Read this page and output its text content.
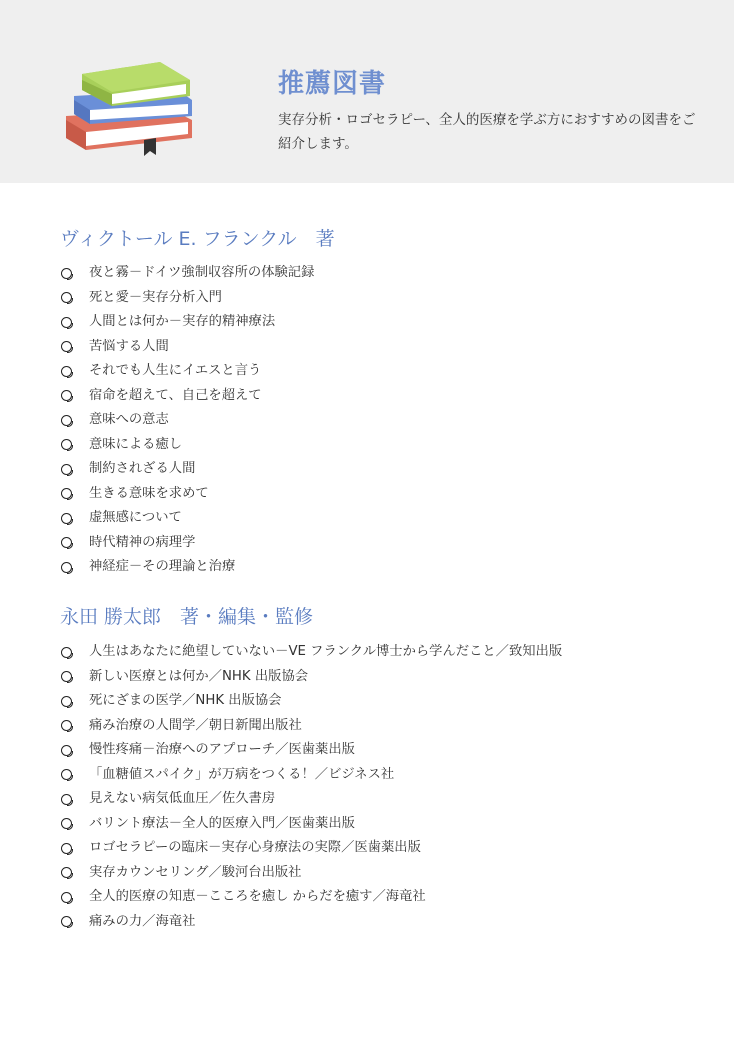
推薦図書
実存分析・ロゴセラピー、全人的医療を学ぶ方におすすめの図書をご紹介します。
ヴィクトール E. フランクル　著
夜と霧－ドイツ強制収容所の体験記録
死と愛－実存分析入門
人間とは何か－実存的精神療法
苦悩する人間
それでも人生にイエスと言う
宿命を超えて、自己を超えて
意味への意志
意味による癒し
制約されざる人間
生きる意味を求めて
虚無感について
時代精神の病理学
神経症－その理論と治療
永田 勝太郎　著・編集・監修
人生はあなたに絶望していない－VE フランクル博士から学んだこと／致知出版
新しい医療とは何か／NHK 出版協会
死にざまの医学／NHK 出版協会
痛み治療の人間学／朝日新聞出版社
慢性疼痛－治療へのアプローチ／医歯薬出版
「血糖値スパイク」が万病をつくる！／ビジネス社
見えない病気低血圧／佐久書房
バリント療法－全人的医療入門／医歯薬出版
ロゴセラピーの臨床－実存心身療法の実際／医歯薬出版
実存カウンセリング／駿河台出版社
全人的医療の知恵－こころを癒し からだを癒す／海竜社
痛みの力／海竜社
